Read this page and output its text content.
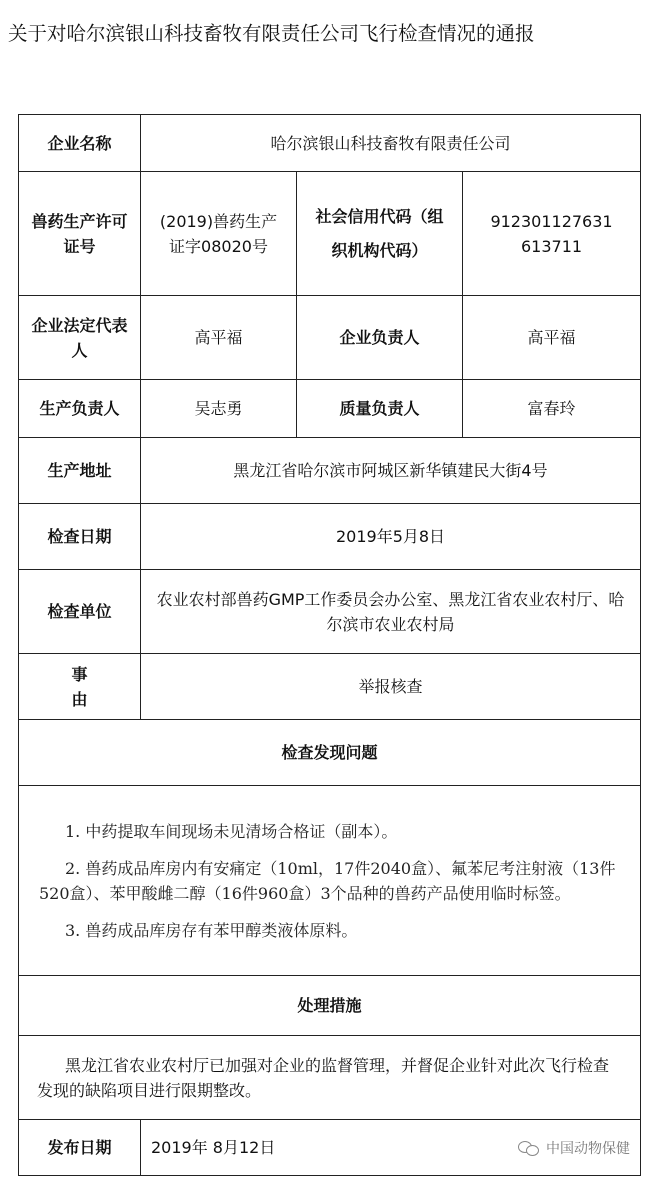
关于对哈尔滨银山科技畜牧有限责任公司飞行检查情况的通报
企业名称	哈尔滨银山科技畜牧有限责任公司		
兽药生产许可证号	(2019)兽药生产证字08020号	社会信用代码（组织机构代码）	912301127631613711
企业法定代表人	高平福	企业负责人	高平福
生产负责人	吴志勇	质量负责人	富春玲
生产地址	黑龙江省哈尔滨市阿城区新华镇建民大街4号		
检查日期	2019年5月8日		
检查单位	农业农村部兽药GMP工作委员会办公室、黑龙江省农业农村厅、哈尔滨市农业农村局		
事由	举报核查		
检查发现问题			

1. 中药提取车间现场未见清场合格证（副本）。

2. 兽药成品库房内有安痛定（10ml，17件2040盒）、氟苯尼考注射液（13件520盒）、苯甲酸雌二醇（16件960盒）3个品种的兽药产品使用临时标签。

3. 兽药成品库房存有苯甲醇类液体原料。			

处理措施			
黑龙江省农业农村厅已加强对企业的监督管理，并督促企业针对此次飞行检查发现的缺陷项目进行限期整改。			
发布日期	2019年 8月12日			中国动物保健
